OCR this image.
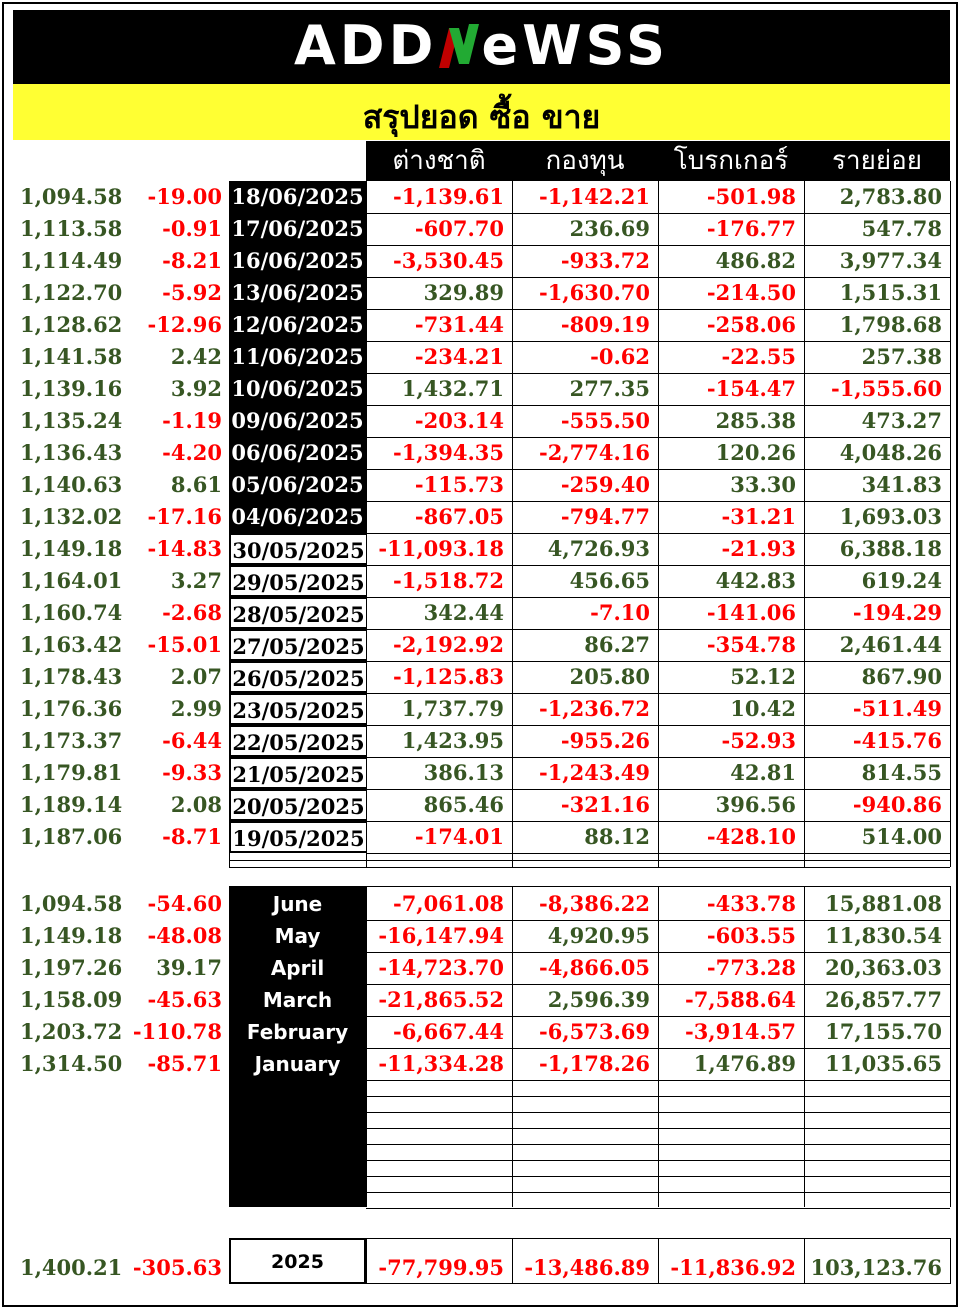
ADD eWSS
สรุปยอด ซื้อ ขาย
ต่างชาติ	กองทุน	โบรกเกอร์	รายย่อย
1,094.58	-19.00 18/06/2025	-1,139.61	-1,142.21	-501.98	2,783.80
1,113.58	-0.91 17/06/2025	-607.70	236.69	-176.77	547.78
1,114.49	-8.21 16/06/2025	-3,530.45	-933.72	486.82	3,977.34
1,122.70	-5.92 13/06/2025	329.89	-1,630.70	-214.50	1,515.31
1,128.62	-12.96 12/06/2025	-731.44	-809.19	-258.06	1,798.68
1,141.58	2.42 11/06/2025	-234.21	-0.62	-22.55	257.38
1,139.16	3.92 10/06/2025	1,432.71	277.35	-154.47	-1,555.60
1,135.24	-1.19 09/06/2025	-203.14	-555.50	285.38	473.27
1,136.43	-4.20 06/06/2025	-1,394.35	-2,774.16	120.26	4,048.26
1,140.63	8.61 05/06/2025	-115.73	-259.40	33.30	341.83
1,132.02	-17.16 04/06/2025	-867.05	-794.77	-31.21	1,693.03
1,149.18	-14.83 30/05/2025 -11,093.18	4,726.93	-21.93	6,388.18
1,164.01	3.27 29/05/2025	-1,518.72	456.65	442.83	619.24
1,160.74	-2.68 28/05/2025	342.44	-7.10	-141.06	-194.29
1,163.42	-15.01 27/05/2025	-2,192.92	86.27	-354.78	2,461.44
1,178.43	2.07 26/05/2025	-1,125.83	205.80	52.12	867.90
1,176.36	2.99 23/05/2025	1,737.79	-1,236.72	10.42	-511.49
1,173.37	-6.44 22/05/2025	1,423.95	-955.26	-52.93	-415.76
1,179.81	-9.33 21/05/2025	386.13	-1,243.49	42.81	814.55
1,189.14	2.08 20/05/2025	865.46	-321.16	396.56	-940.86
1,187.06	-8.71 19/05/2025	-174.01	88.12	-428.10	514.00
1,094.58	-54.60	June	-7,061.08	-8,386.22	-433.78	15,881.08
1,149.18	-48.08	May	-16,147.94	4,920.95	-603.55	11,830.54
1,197.26	39.17	April	-14,723.70	-4,866.05	-773.28	20,363.03
1,158.09	-45.63	March	-21,865.52	2,596.39	-7,588.64	26,857.77
1,203.72 -110.78	February	-6,667.44	-6,573.69	-3,914.57	17,155.70
1,314.50	-85.71	January	-11,334.28	-1,178.26	1,476.89	11,035.65
1,400.21 -305.63	2025	-77,799.95 -13,486.89 -11,836.92 103,123.76
